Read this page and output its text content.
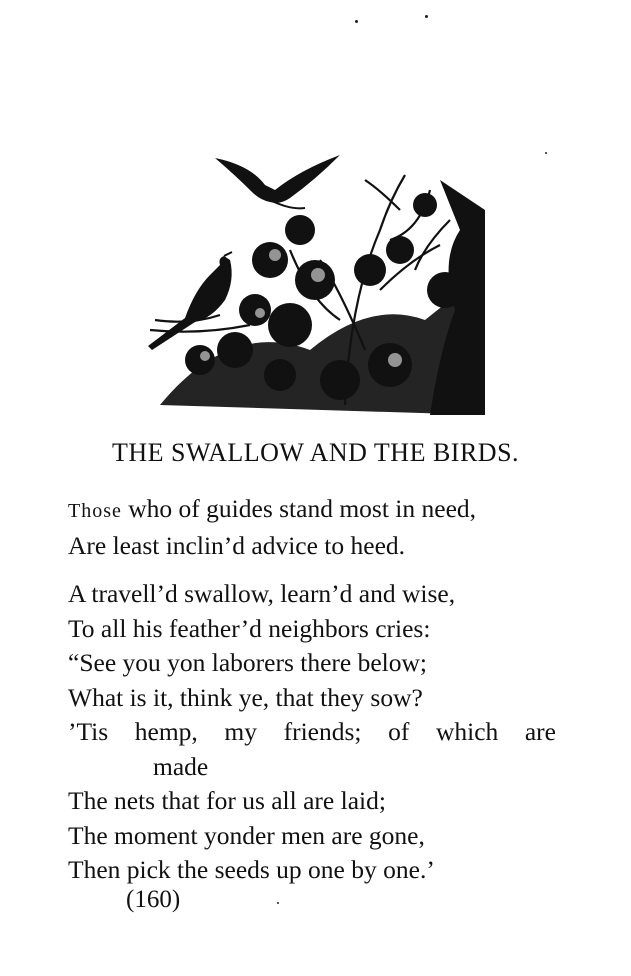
THE SWALLOW AND THE BIRDS.
Those who of guides stand most in need,
Are least inclin’d advice to heed.
A travell’d swallow, learn’d and wise,
To all his feather’d neighbors cries:
“See you yon laborers there below;
What is it, think ye, that they sow?
’Tis hemp, my friends; of which are
made
The nets that for us all are laid;
The moment yonder men are gone,
Then pick the seeds up one by one.’
(160)
